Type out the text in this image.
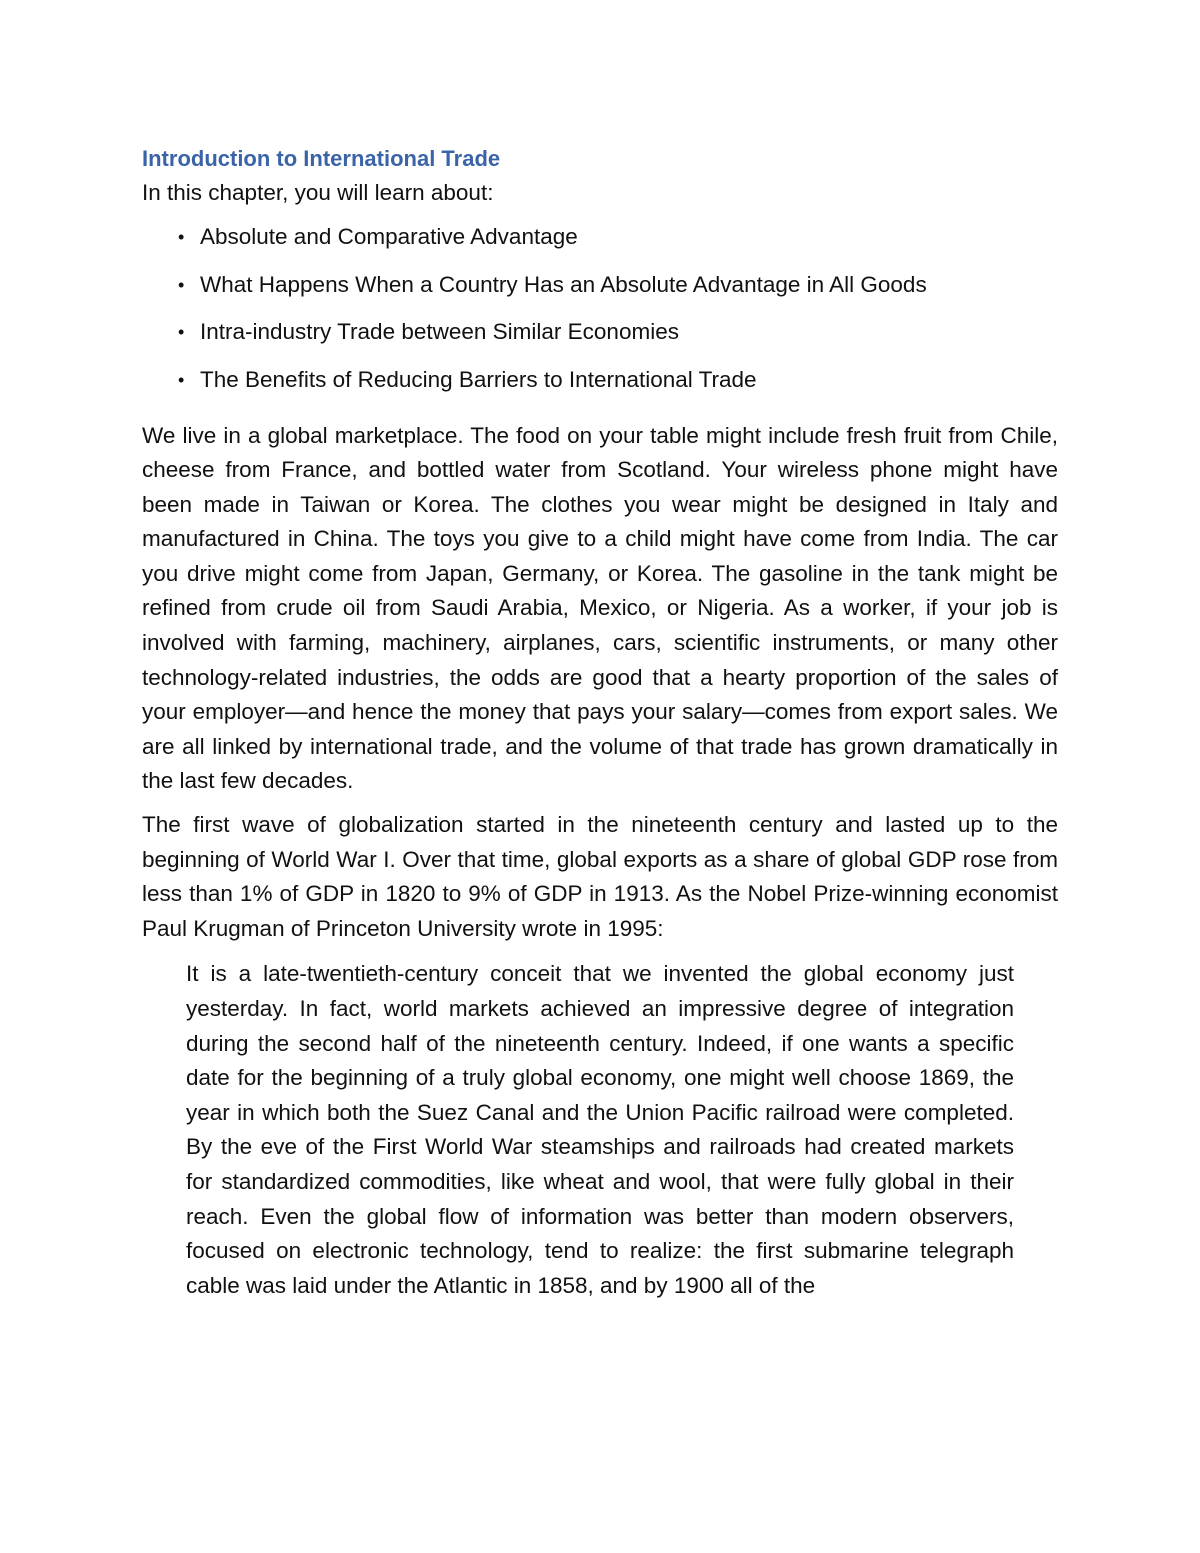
Introduction to International Trade

In this chapter, you will learn about:

• Absolute and Comparative Advantage
• What Happens When a Country Has an Absolute Advantage in All Goods
• Intra-industry Trade between Similar Economies
• The Benefits of Reducing Barriers to International Trade

We live in a global marketplace. The food on your table might include fresh fruit from Chile, cheese from France, and bottled water from Scotland. Your wireless phone might have been made in Taiwan or Korea. The clothes you wear might be designed in Italy and manufactured in China. The toys you give to a child might have come from India. The car you drive might come from Japan, Germany, or Korea. The gasoline in the tank might be refined from crude oil from Saudi Arabia, Mexico, or Nigeria. As a worker, if your job is involved with farming, machinery, airplanes, cars, scientific instruments, or many other technology-related industries, the odds are good that a hearty proportion of the sales of your employer—and hence the money that pays your salary—comes from export sales. We are all linked by international trade, and the volume of that trade has grown dramatically in the last few decades.

The first wave of globalization started in the nineteenth century and lasted up to the beginning of World War I. Over that time, global exports as a share of global GDP rose from less than 1% of GDP in 1820 to 9% of GDP in 1913. As the Nobel Prize-winning economist Paul Krugman of Princeton University wrote in 1995:

It is a late-twentieth-century conceit that we invented the global economy just yesterday. In fact, world markets achieved an impressive degree of integration during the second half of the nineteenth century. Indeed, if one wants a specific date for the beginning of a truly global economy, one might well choose 1869, the year in which both the Suez Canal and the Union Pacific railroad were completed. By the eve of the First World War steamships and railroads had created markets for standardized commodities, like wheat and wool, that were fully global in their reach. Even the global flow of information was better than modern observers, focused on electronic technology, tend to realize: the first submarine telegraph cable was laid under the Atlantic in 1858, and by 1900 all of the
